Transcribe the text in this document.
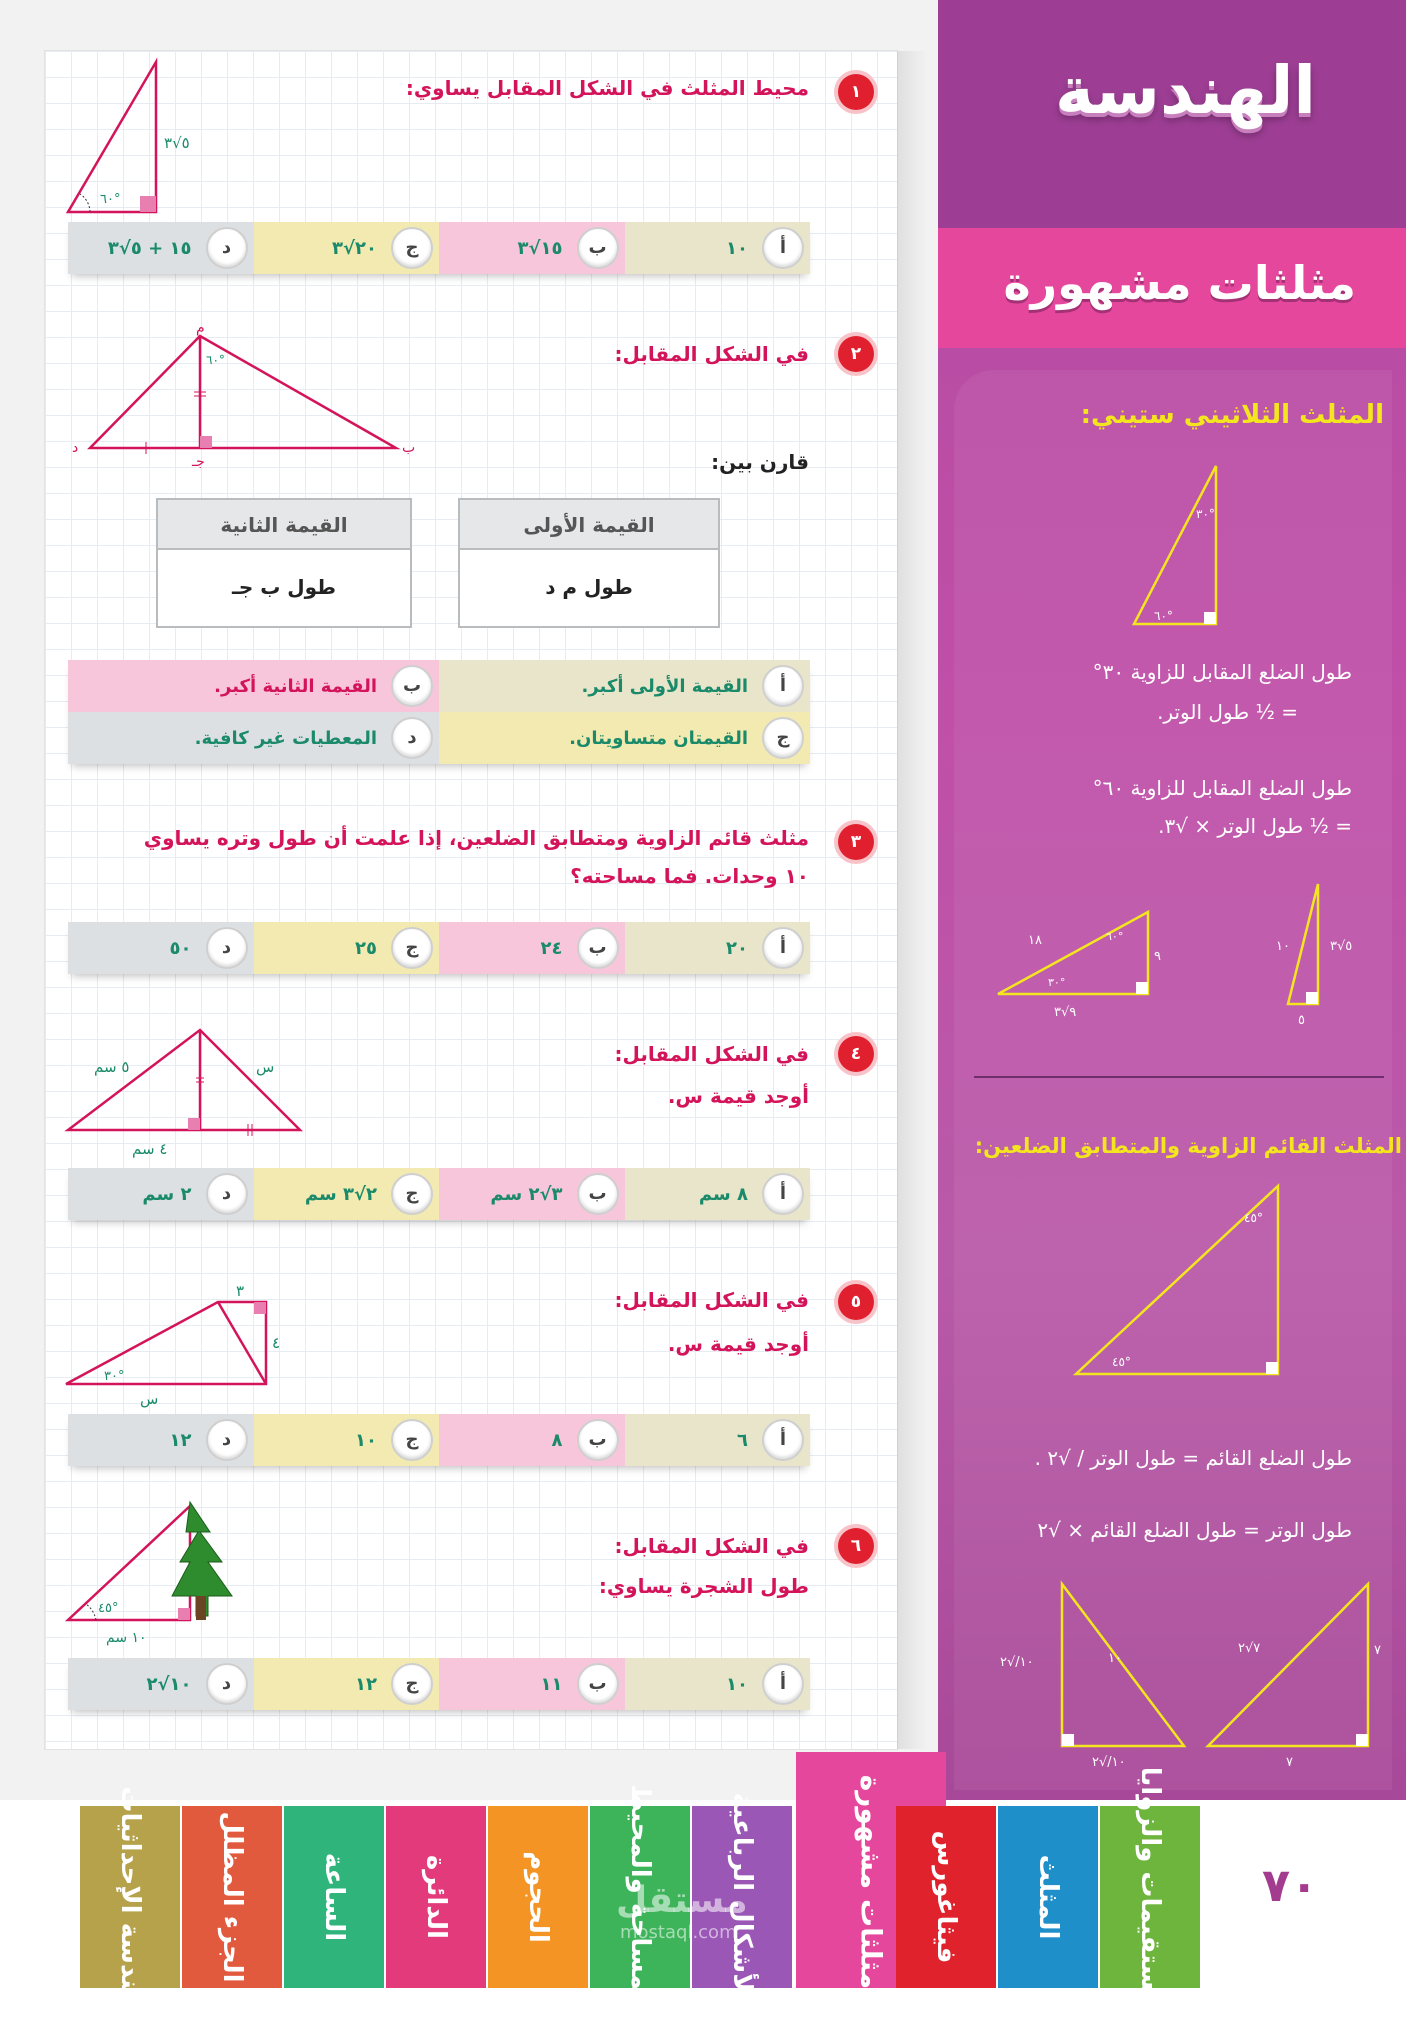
١
محيط المثلث في الشكل المقابل يساوي:
٦٠°
٥√٣
أ
١٠
ب
١٥√٣
ج
٢٠√٣
د
١٥ + ٥√٣
٢
في الشكل المقابل:
قارن بين:
م
ب
جـ
د
٦٠°
القيمة الثانية
طول ب جـ
القيمة الأولى
طول م د
أ
القيمة الأولى أكبر.
ب
القيمة الثانية أكبر.
ج
القيمتان متساويتان.
د
المعطيات غير كافية.
٣
مثلث قائم الزاوية ومتطابق الضلعين، إذا علمت أن طول وتره يساوي
١٠ وحدات. فما مساحته؟
أ
٢٠
ب
٢٤
ج
٢٥
د
٥٠
٤
في الشكل المقابل:
أوجد قيمة س.
س
٥ سم
٤ سم
أ
٨ سم
ب
٣√٢ سم
ج
٢√٣ سم
د
٢ سم
٥
في الشكل المقابل:
أوجد قيمة س.
٣
٤
٣٠°
س
أ
٦
ب
٨
ج
١٠
د
١٢
٦
في الشكل المقابل:
طول الشجرة يساوي:
٤٥°
١٠ سم
أ
١٠
ب
١١
ج
١٢
د
١٠√٢
الهندسة
مثلثات مشهورة
المثلث الثلاثيني ستيني:
٣٠°
٦٠°
طول الضلع المقابل للزاوية ٣٠°
= ½ طول الوتر.
طول الضلع المقابل للزاوية ٦٠°
= ½ طول الوتر × √٣.
١٠	٥√٣
٥
١٨
٩
٩√٣
٣٠°
٦٠°
المثلث القائم الزاوية والمتطابق الضلعين:
٤٥°
٤٥°
طول الضلع القائم = طول الوتر / √٢ .
طول الوتر = طول الضلع القائم × √٢
١٠
١٠/√٢
١٠/√٢
٧√٢	٧
٧
هندسة الإحداثيات	الجزء المظلل	الساعة	الدائرة	الحجوم	المساحة والمحيط	الأشكال الرباعية	مثلثات مشهورة فيثاغورس	المثلث	المستقيمات والزوايا ٧٠
مستقل
mostaql.com
